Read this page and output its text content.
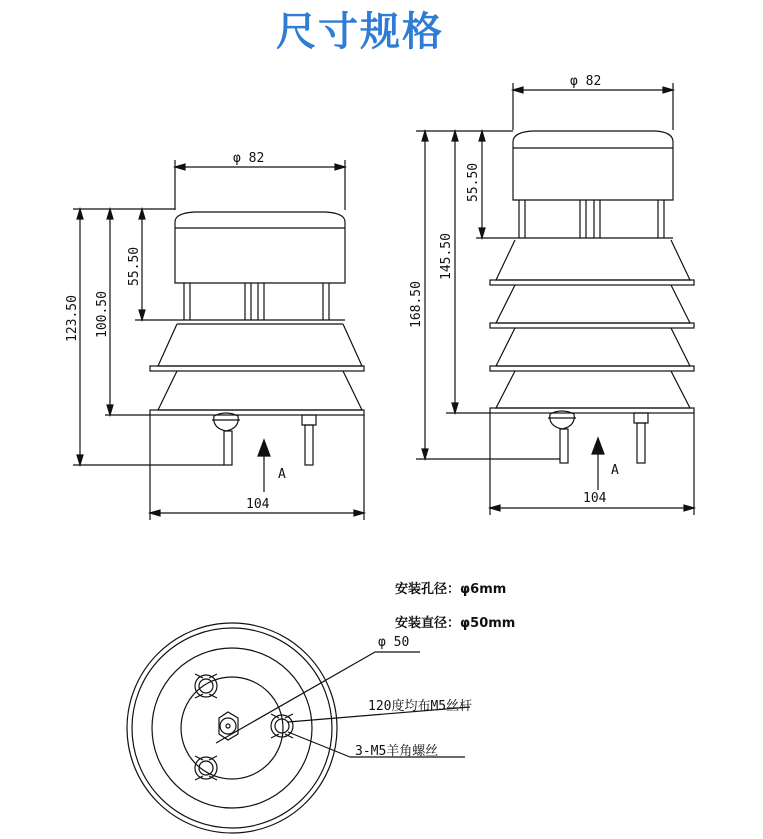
尺寸规格
φ 82
123.50 100.50
55.50
104
A
φ 82
168.50
145.50
55.50
104
A
φ 50
120度均布M5丝杆
3-M5羊角螺丝
安装孔径：φ6mm
安装直径：φ50mm
